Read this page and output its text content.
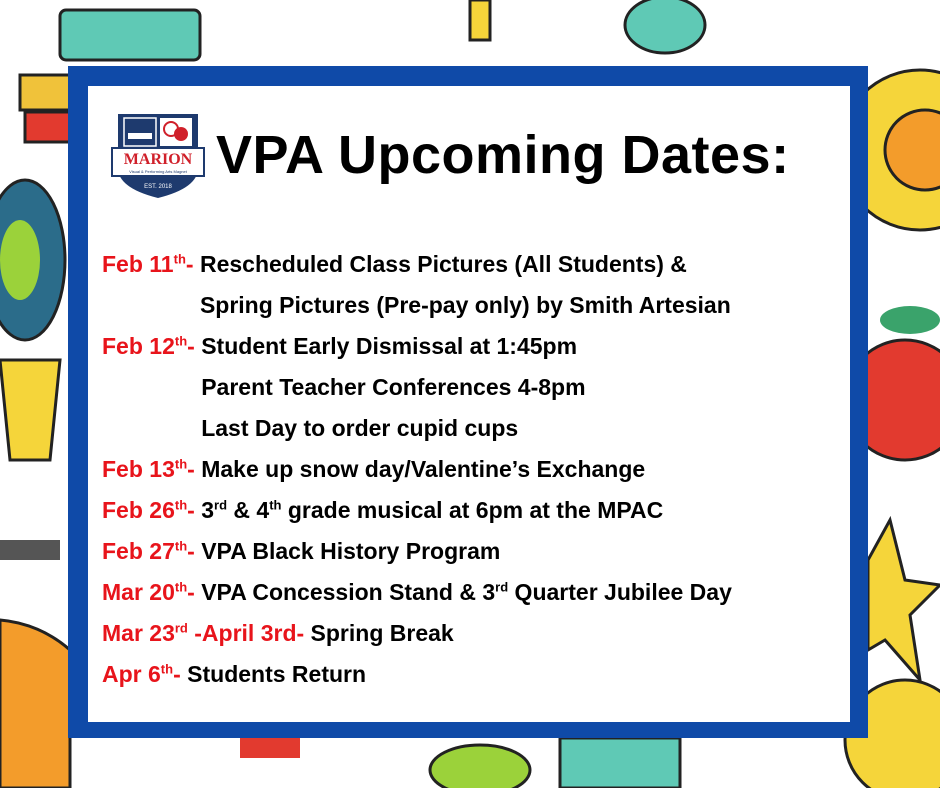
MARION
Visual & Performing Arts Magnet
EST. 2018
VPA Upcoming Dates:
Feb 11th- Rescheduled Class Pictures (All Students) &
Spring Pictures (Pre-pay only) by Smith Artesian
Feb 12th- Student Early Dismissal at 1:45pm
Parent Teacher Conferences 4-8pm
Last Day to order cupid cups
Feb 13th- Make up snow day/Valentine’s Exchange
Feb 26th- 3rd & 4th grade musical at 6pm at the MPAC
Feb 27th- VPA Black History Program
Mar 20th- VPA Concession Stand & 3rd Quarter Jubilee Day
Mar 23rd -April 3rd- Spring Break
Apr 6th- Students Return
